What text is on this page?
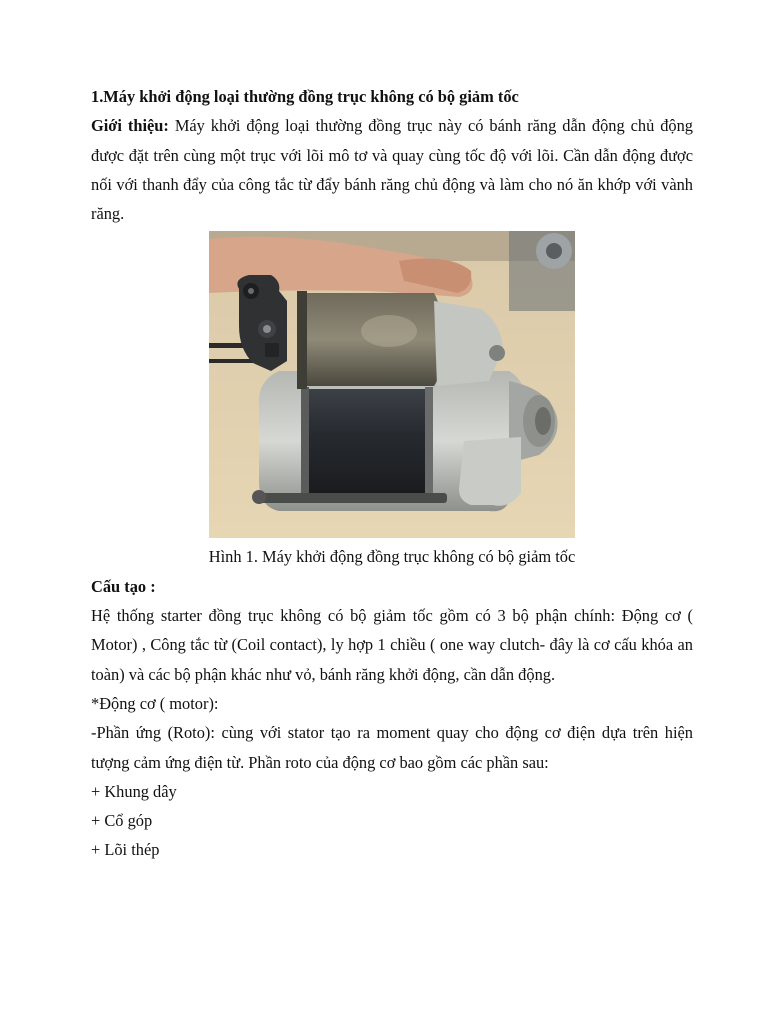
1.Máy khởi động loại thường đồng trục không có bộ giảm tốc

Giới thiệu: Máy khởi động loại thường đồng trục này có bánh răng dẫn động chủ động được đặt trên cùng một trục với lõi mô tơ và quay cùng tốc độ với lõi. Cần dẫn động được nối với thanh đẩy của công tắc từ đẩy bánh răng chủ động và làm cho nó ăn khớp với vành răng.

Hình 1. Máy khởi động đồng trục không có bộ giảm tốc

Cấu tạo :

Hệ thống starter đồng trục không có bộ giảm tốc gồm có 3 bộ phận chính: Động cơ ( Motor) , Công tắc từ (Coil contact), ly hợp 1 chiều ( one way clutch- đây là cơ cấu khóa an toàn) và các bộ phận khác như vỏ, bánh răng khởi động, cần dẫn động.

*Động cơ ( motor):

-Phần ứng (Roto): cùng với stator tạo ra moment quay cho động cơ điện dựa trên hiện tượng cảm ứng điện từ. Phần roto của động cơ bao gồm các phần sau:

+ Khung dây

+ Cổ góp

+ Lõi thép
